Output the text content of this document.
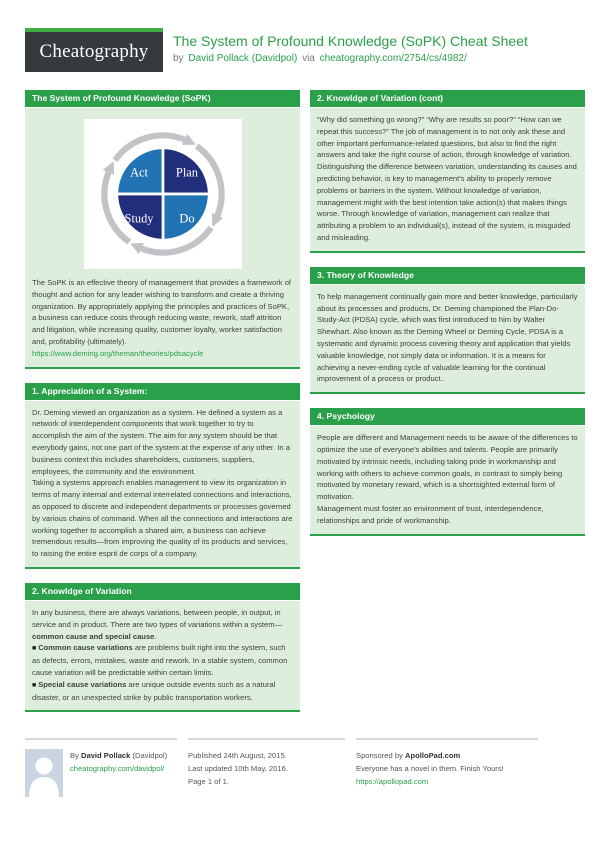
Cheatography The System of Profound Knowledge (SoPK) Cheat Sheet
by David Pollack (Davidpol) via cheatography.com/2754/cs/4982/
The System of Profound Knowledge (SoPK)
Act Plan
Study Do
The SoPK is an effective theory of management that provides a framework of thought and action for any leader wishing to transform and create a thriving organization. By appropriately applying the principles and practices of SoPK, a business can reduce costs through reducing waste, rework, staff attrition and litigation, while increasing quality, customer loyalty, worker satisfaction and, profitability (ultimately).
https://www.deming.org/theman/theories/pdsacycle
1. Appreciation of a System:
Dr. Deming viewed an organization as a system. He defined a system as a network of interdependent components that work together to try to accomplish the aim of the system. The aim for any system should be that everybody gains, not one part of the system at the expense of any other. In a business context this includes shareholders, customers, suppliers, employees, the community and the environment.
Taking a systems approach enables management to view its organization in terms of many internal and external interrelated connections and interactions, as opposed to discrete and independent departments or processes governed by various chains of command. When all the connections and interactions are working together to accomplish a shared aim, a business can achieve tremendous results—from improving the quality of its products and services, to raising the entire esprit de corps of a company.
2. Knowldge of Variation
In any business, there are always variations, between people, in output, in service and in product. There are two types of variations within a system—common cause and special cause.
■ Common cause variations are problems built right into the system, such as defects, errors, mistakes, waste and rework. In a stable system, common cause variation will be predictable within certain limits.
■ Special cause variations are unique outside events such as a natural disaster, or an unexpected strike by public transportation workers.
2. Knowldge of Variation (cont)
“Why did something go wrong?” “Why are results so poor?” “How can we repeat this success?” The job of management is to not only ask these and other important performance-related questions, but also to find the right answers and take the right course of action, through knowledge of variation.
Distinguishing the difference between variation, understanding its causes and predicting behavior, is key to management’s ability to properly remove problems or barriers in the system. Without knowledge of variation, management might with the best intention take action(s) that makes things worse. Through knowledge of variation, management can realize that attributing a problem to an individual(s), instead of the system, is misguided and misleading.
3. Theory of Knowledge
To help management continually gain more and better knowledge, particularly about its processes and products, Dr. Deming championed the Plan-Do-Study-Act (PDSA) cycle, which was first introduced to him by Walter Shewhart. Also known as the Deming Wheel or Deming Cycle, PDSA is a systematic and dynamic process covering theory and application that yields valuable knowledge, not simply data or information. It is a means for achieving a never-ending cycle of valuable learning for the continual improvement of a process or product..
4. Psychology
People are different and Management needs to be aware of the differences to optimize the use of everyone’s abilities and talents. People are primarily motivated by intrinsic needs, including taking pride in workmanship and working with others to achieve common goals, in contrast to simply being motivated by monetary reward, which is a shortsighted external form of motivation.
Management must foster an environment of trust, interdependence, relationships and pride of workmanship.
By David Pollack (Davidpol)
cheatography.com/davidpol/
Published 24th August, 2015.
Last updated 10th May, 2016.
Page 1 of 1.
Sponsored by ApolloPad.com
Everyone has a novel in them. Finish Yours!
https://apollopad.com
